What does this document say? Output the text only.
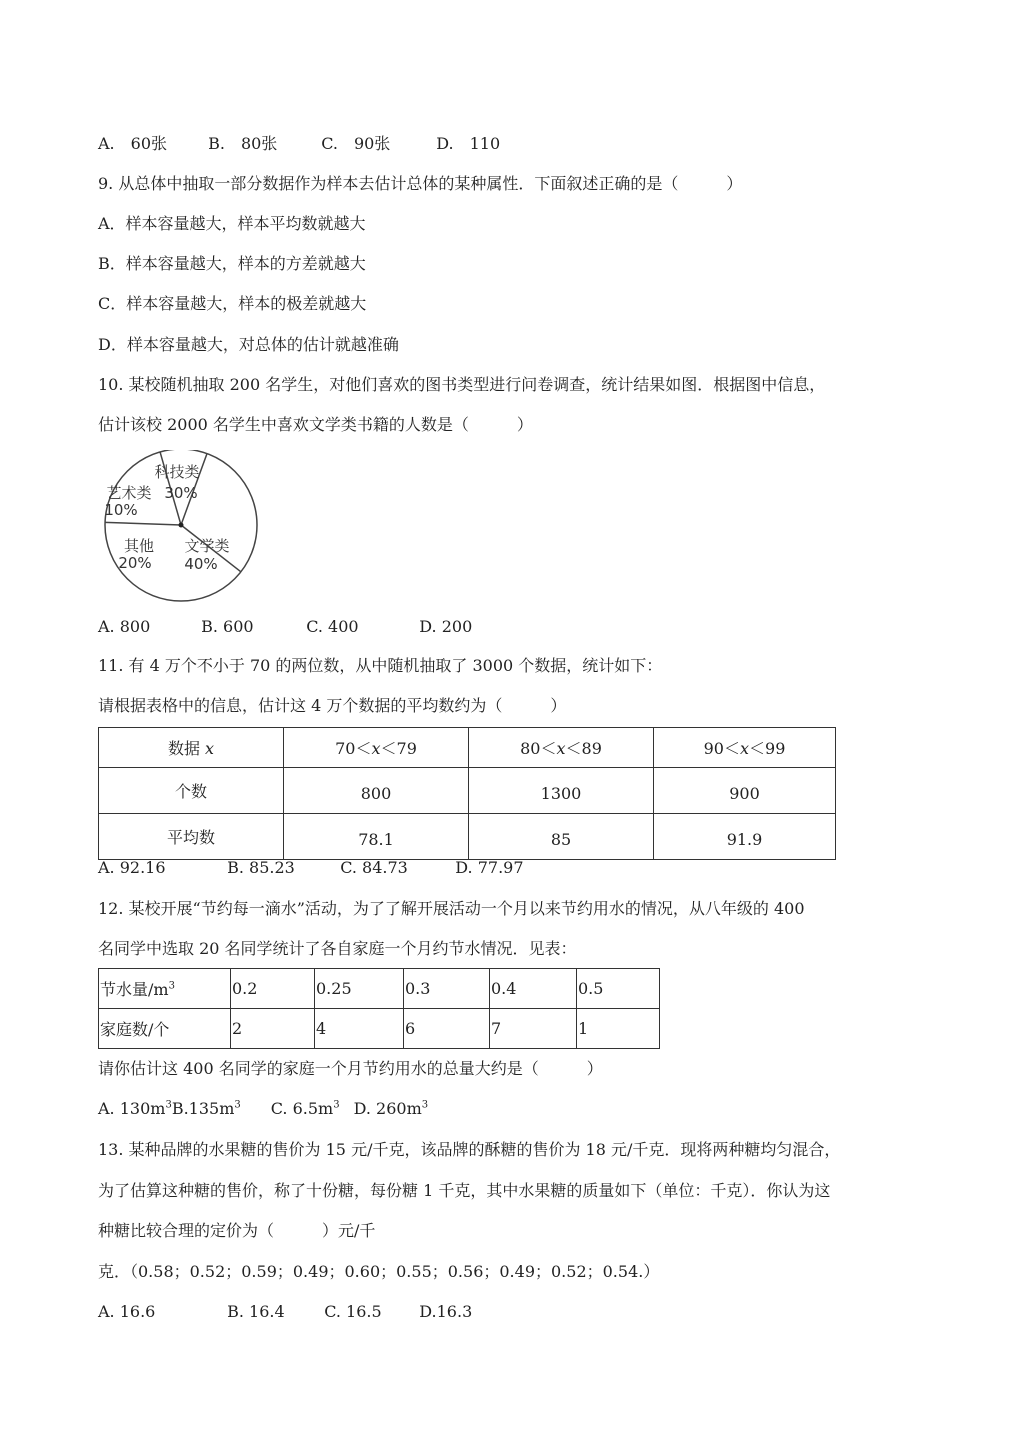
A.　60张	B.　80张	C.　90张	D.　110
9. 从总体中抽取一部分数据作为样本去估计总体的某种属性．下面叙述正确的是（　　　）
A．样本容量越大，样本平均数就越大
B．样本容量越大，样本的方差就越大
C．样本容量越大，样本的极差就越大
D．样本容量越大，对总体的估计就越准确
10. 某校随机抽取 200 名学生，对他们喜欢的图书类型进行问卷调查，统计结果如图．根据图中信息，
估计该校 2000 名学生中喜欢文学类书籍的人数是（　　　）
科技类
30%
文学类
40%
其他
20%
艺术类
10%
A. 800	B. 600	C. 400	D. 200
11. 有 4 万个不小于 70 的两位数，从中随机抽取了 3000 个数据，统计如下：
请根据表格中的信息，估计这 4 万个数据的平均数约为（　　　）
数据 x	70＜x＜79	80＜x＜89	90＜x＜99
个数	800	1300	900
平均数	78.1	85	91.9
A. 92.16	B. 85.23	C. 84.73	D. 77.97
12. 某校开展“节约每一滴水”活动，为了了解开展活动一个月以来节约用水的情况，从八年级的 400
名同学中选取 20 名同学统计了各自家庭一个月约节水情况．见表：
节水量$/m^3$	0.2	0.25	0.3	0.4	0.5
家庭数/个	2	4	6	7	1
请你估计这 400 名同学的家庭一个月节约用水的总量大约是（　　　）
A. $130m^3B.135m^3$ C. $6.5m^3$ D. $260m^3$
13. 某种品牌的水果糖的售价为 15 元/千克，该品牌的酥糖的售价为 18 元/千克．现将两种糖均匀混合，
为了估算这种糖的售价，称了十份糖，每份糖 1 千克，其中水果糖的质量如下（单位：千克）．你认为这
种糖比较合理的定价为（　　　）元/千
克．（0.58；0.52；0.59；0.49；0.60；0.55；0.56；0.49；0.52；0.54.）
A. 16.6	B. 16.4 C. 16.5 D.16.3
